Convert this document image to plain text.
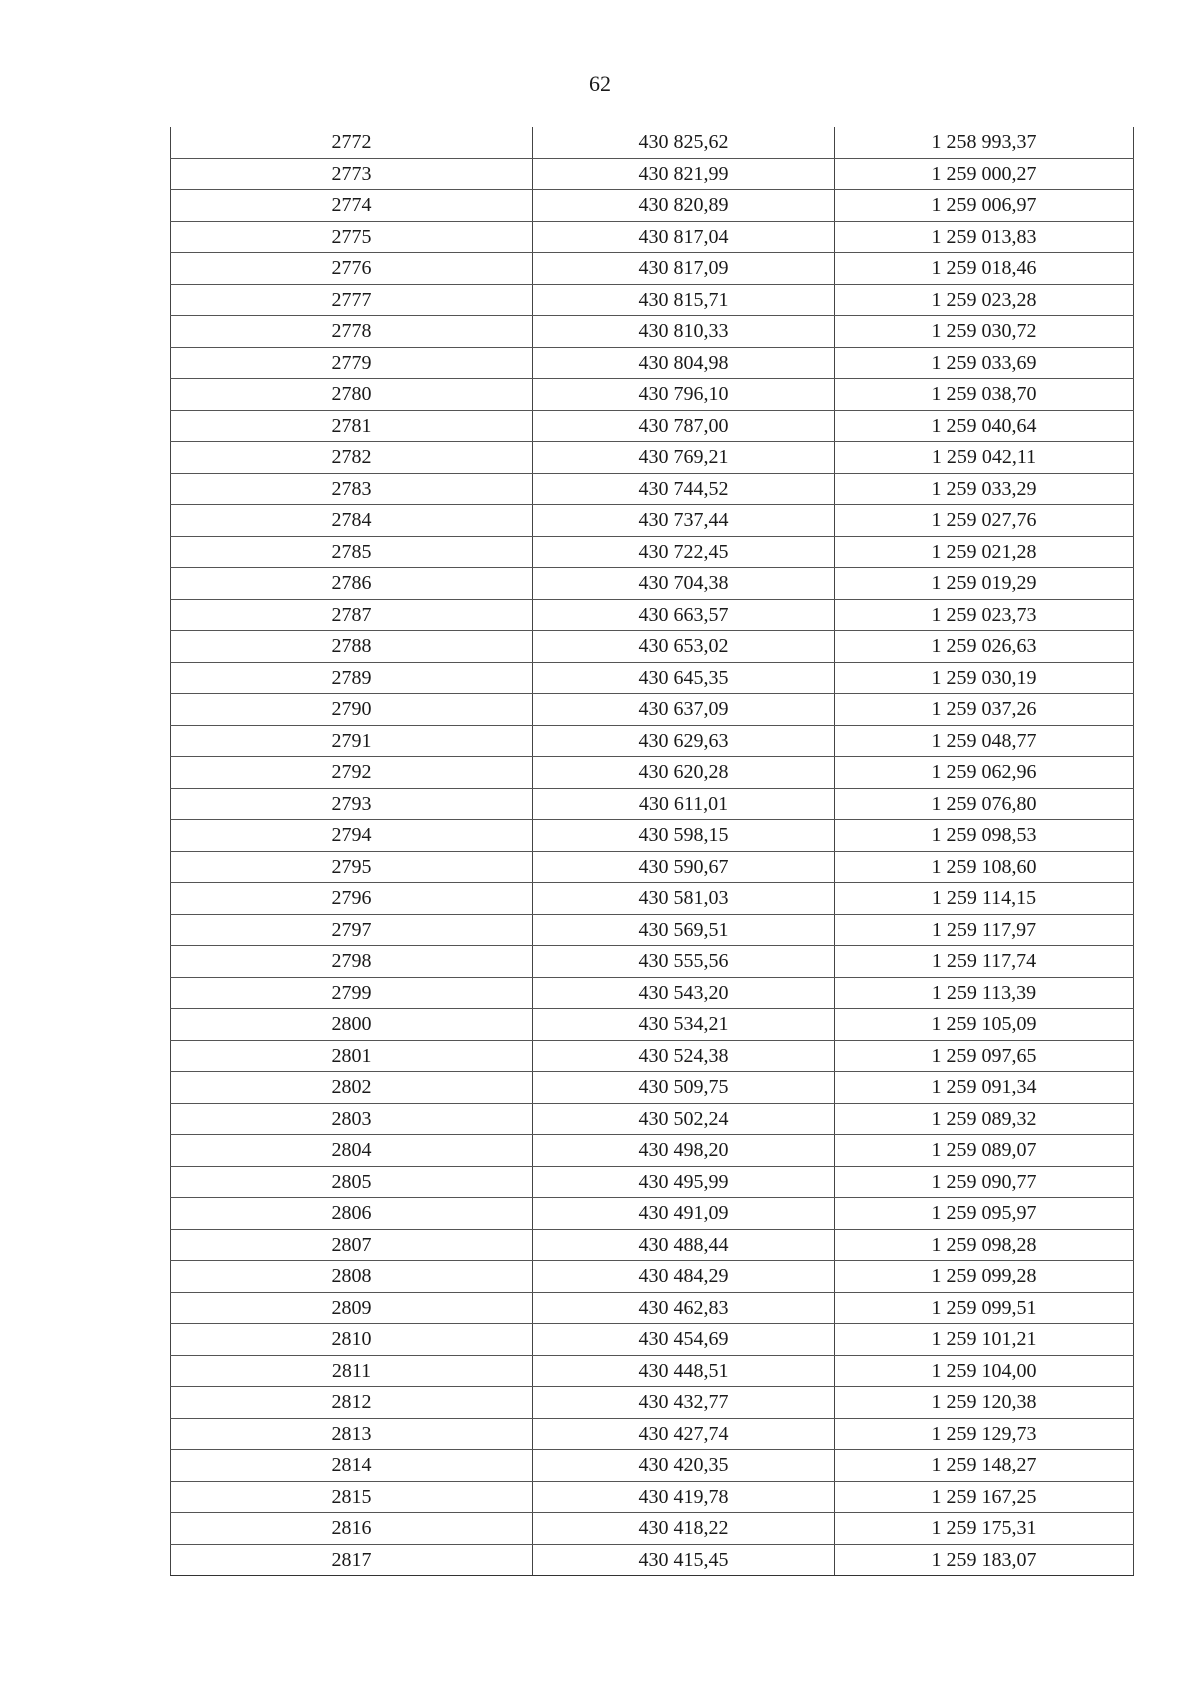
62
2772	430 825,62	1 258 993,37
2773	430 821,99	1 259 000,27
2774	430 820,89	1 259 006,97
2775	430 817,04	1 259 013,83
2776	430 817,09	1 259 018,46
2777	430 815,71	1 259 023,28
2778	430 810,33	1 259 030,72
2779	430 804,98	1 259 033,69
2780	430 796,10	1 259 038,70
2781	430 787,00	1 259 040,64
2782	430 769,21	1 259 042,11
2783	430 744,52	1 259 033,29
2784	430 737,44	1 259 027,76
2785	430 722,45	1 259 021,28
2786	430 704,38	1 259 019,29
2787	430 663,57	1 259 023,73
2788	430 653,02	1 259 026,63
2789	430 645,35	1 259 030,19
2790	430 637,09	1 259 037,26
2791	430 629,63	1 259 048,77
2792	430 620,28	1 259 062,96
2793	430 611,01	1 259 076,80
2794	430 598,15	1 259 098,53
2795	430 590,67	1 259 108,60
2796	430 581,03	1 259 114,15
2797	430 569,51	1 259 117,97
2798	430 555,56	1 259 117,74
2799	430 543,20	1 259 113,39
2800	430 534,21	1 259 105,09
2801	430 524,38	1 259 097,65
2802	430 509,75	1 259 091,34
2803	430 502,24	1 259 089,32
2804	430 498,20	1 259 089,07
2805	430 495,99	1 259 090,77
2806	430 491,09	1 259 095,97
2807	430 488,44	1 259 098,28
2808	430 484,29	1 259 099,28
2809	430 462,83	1 259 099,51
2810	430 454,69	1 259 101,21
2811	430 448,51	1 259 104,00
2812	430 432,77	1 259 120,38
2813	430 427,74	1 259 129,73
2814	430 420,35	1 259 148,27
2815	430 419,78	1 259 167,25
2816	430 418,22	1 259 175,31
2817	430 415,45	1 259 183,07
